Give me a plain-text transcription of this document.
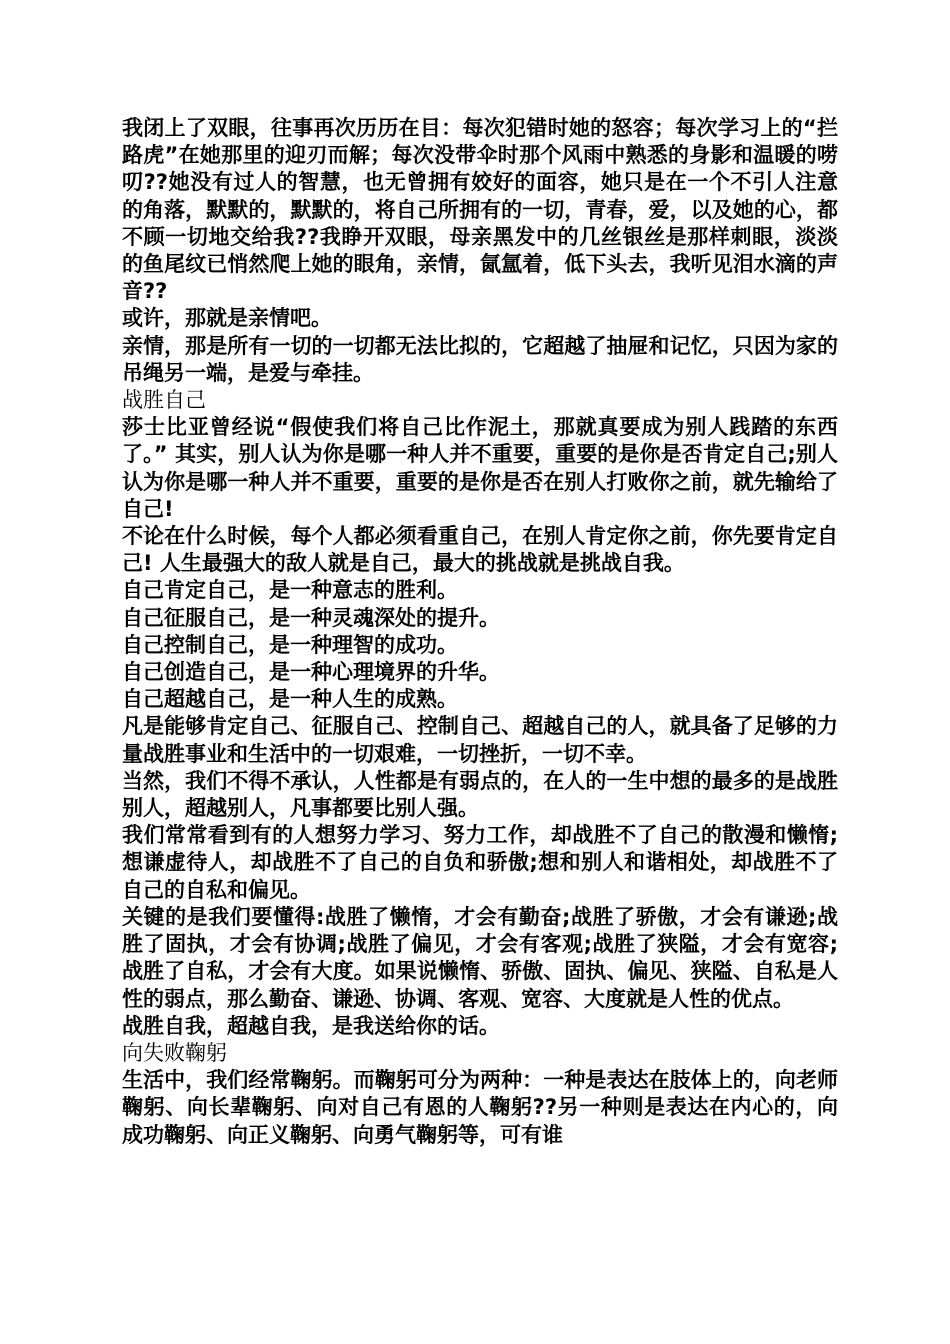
我闭上了双眼，往事再次历历在目：每次犯错时她的怒容；每次学习上的“拦路虎”在她那里的迎刃而解；每次没带伞时那个风雨中熟悉的身影和温暖的唠叨??她没有过人的智慧，也无曾拥有姣好的面容，她只是在一个不引人注意的角落，默默的，默默的，将自己所拥有的一切，青春，爱，以及她的心，都不顾一切地交给我??我睁开双眼，母亲黑发中的几丝银丝是那样刺眼，淡淡的鱼尾纹已悄然爬上她的眼角，亲情，氤氲着，低下头去，我听见泪水滴的声音??

或许，那就是亲情吧。

亲情，那是所有一切的一切都无法比拟的，它超越了抽屉和记忆，只因为家的吊绳另一端，是爱与牵挂。

战胜自己

莎士比亚曾经说“假使我们将自己比作泥土，那就真要成为别人践踏的东西了。” 其实，别人认为你是哪一种人并不重要，重要的是你是否肯定自己;别人认为你是哪一种人并不重要，重要的是你是否在别人打败你之前，就先输给了自己!

不论在什么时候，每个人都必须看重自己，在别人肯定你之前，你先要肯定自己! 人生最强大的敌人就是自己，最大的挑战就是挑战自我。

自己肯定自己，是一种意志的胜利。

自己征服自己，是一种灵魂深处的提升。

自己控制自己，是一种理智的成功。

自己创造自己，是一种心理境界的升华。

自己超越自己，是一种人生的成熟。

凡是能够肯定自己、征服自己、控制自己、超越自己的人，就具备了足够的力量战胜事业和生活中的一切艰难，一切挫折，一切不幸。

当然，我们不得不承认，人性都是有弱点的，在人的一生中想的最多的是战胜别人，超越别人，凡事都要比别人强。

我们常常看到有的人想努力学习、努力工作，却战胜不了自己的散漫和懒惰;想谦虚待人，却战胜不了自己的自负和骄傲;想和别人和谐相处，却战胜不了自己的自私和偏见。

关键的是我们要懂得:战胜了懒惰，才会有勤奋;战胜了骄傲，才会有谦逊;战胜了固执，才会有协调;战胜了偏见，才会有客观;战胜了狭隘，才会有宽容;战胜了自私，才会有大度。如果说懒惰、骄傲、固执、偏见、狭隘、自私是人性的弱点，那么勤奋、谦逊、协调、客观、宽容、大度就是人性的优点。

战胜自我，超越自我，是我送给你的话。

向失败鞠躬

生活中，我们经常鞠躬。而鞠躬可分为两种：一种是表达在肢体上的，向老师鞠躬、向长辈鞠躬、向对自己有恩的人鞠躬??另一种则是表达在内心的，向成功鞠躬、向正义鞠躬、向勇气鞠躬等，可有谁
